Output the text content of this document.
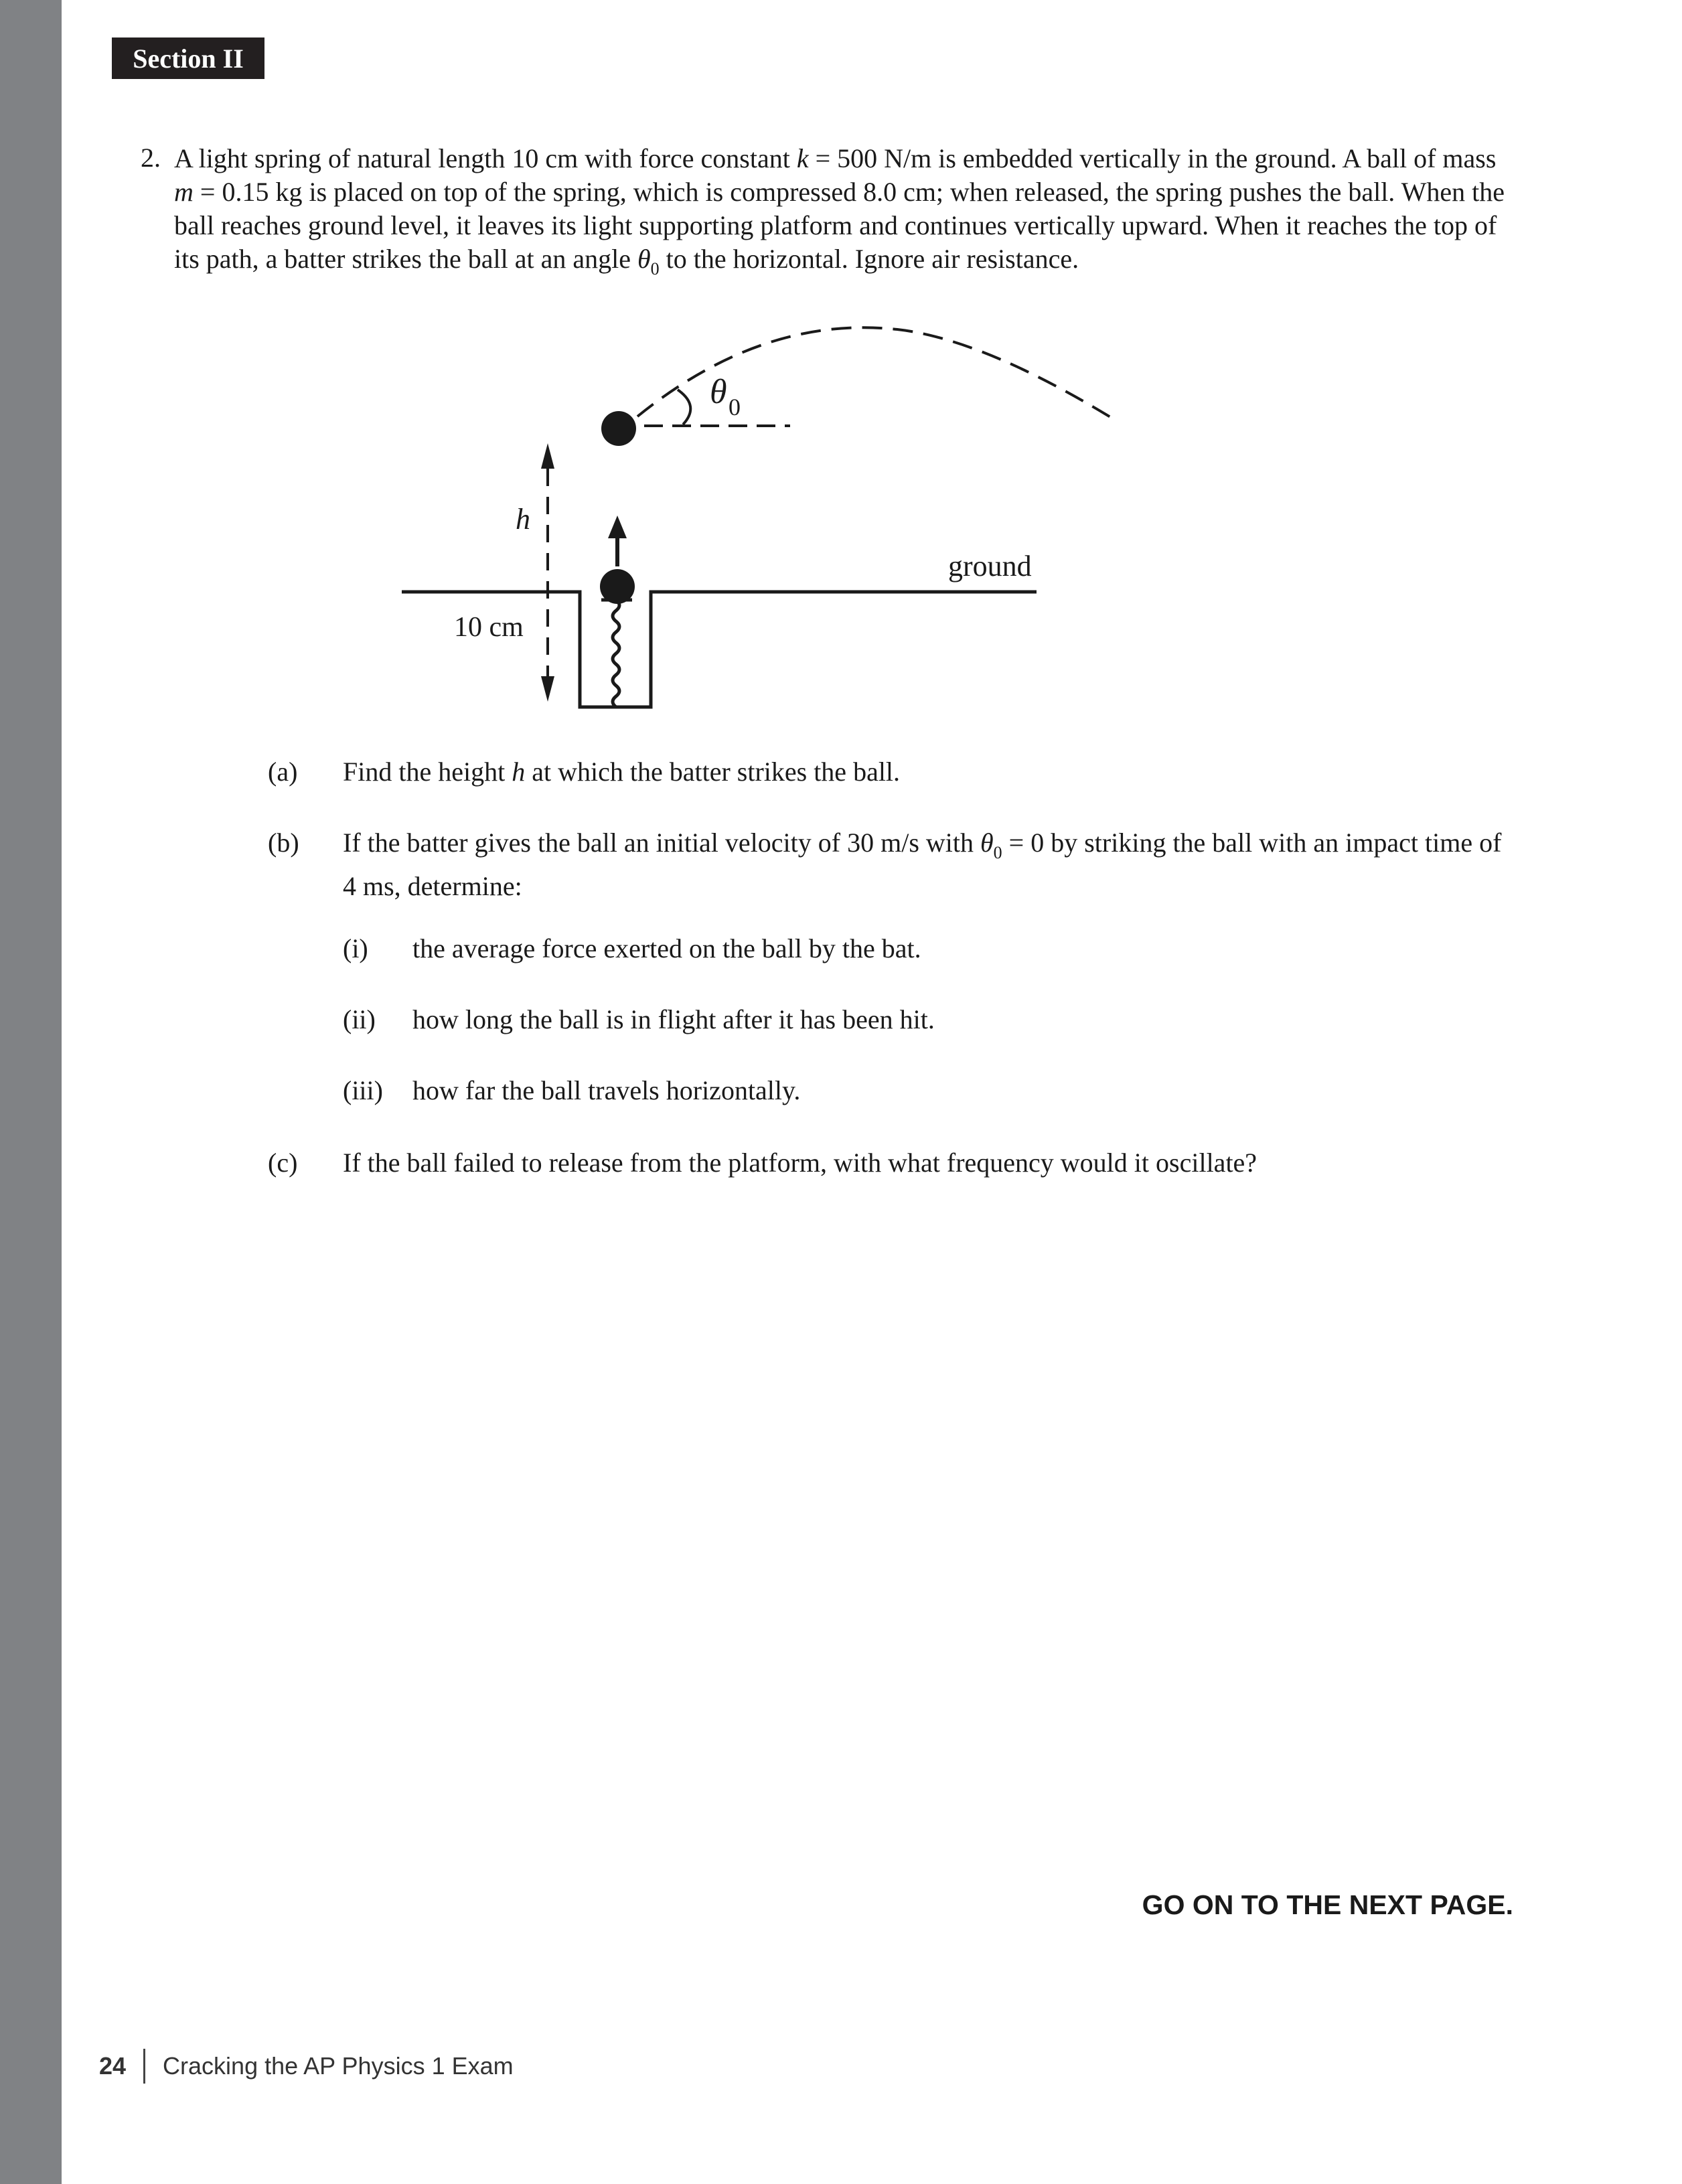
Section II
2. A light spring of natural length 10 cm with force constant k = 500 N/m is embedded vertically in the ground. A ball of mass m = 0.15 kg is placed on top of the spring, which is compressed 8.0 cm; when released, the spring pushes the ball. When the ball reaches ground level, it leaves its light supporting platform and continues vertically upward. When it reaches the top of its path, a batter strikes the ball at an angle $\theta_0$ to the horizontal. Ignore air resistance.
θ 0
h
10 cm
ground
(a) Find the height h at which the batter strikes the ball.
(b) If the batter gives the ball an initial velocity of 30 m/s with $\theta_0 = 0$ by striking the ball with an impact time of 4 ms, determine:
(i) the average force exerted on the ball by the bat.
(ii) how long the ball is in flight after it has been hit.
(iii) how far the ball travels horizontally.
(c) If the ball failed to release from the platform, with what frequency would it oscillate?
GO ON TO THE NEXT PAGE.
24 Cracking the AP Physics 1 Exam
